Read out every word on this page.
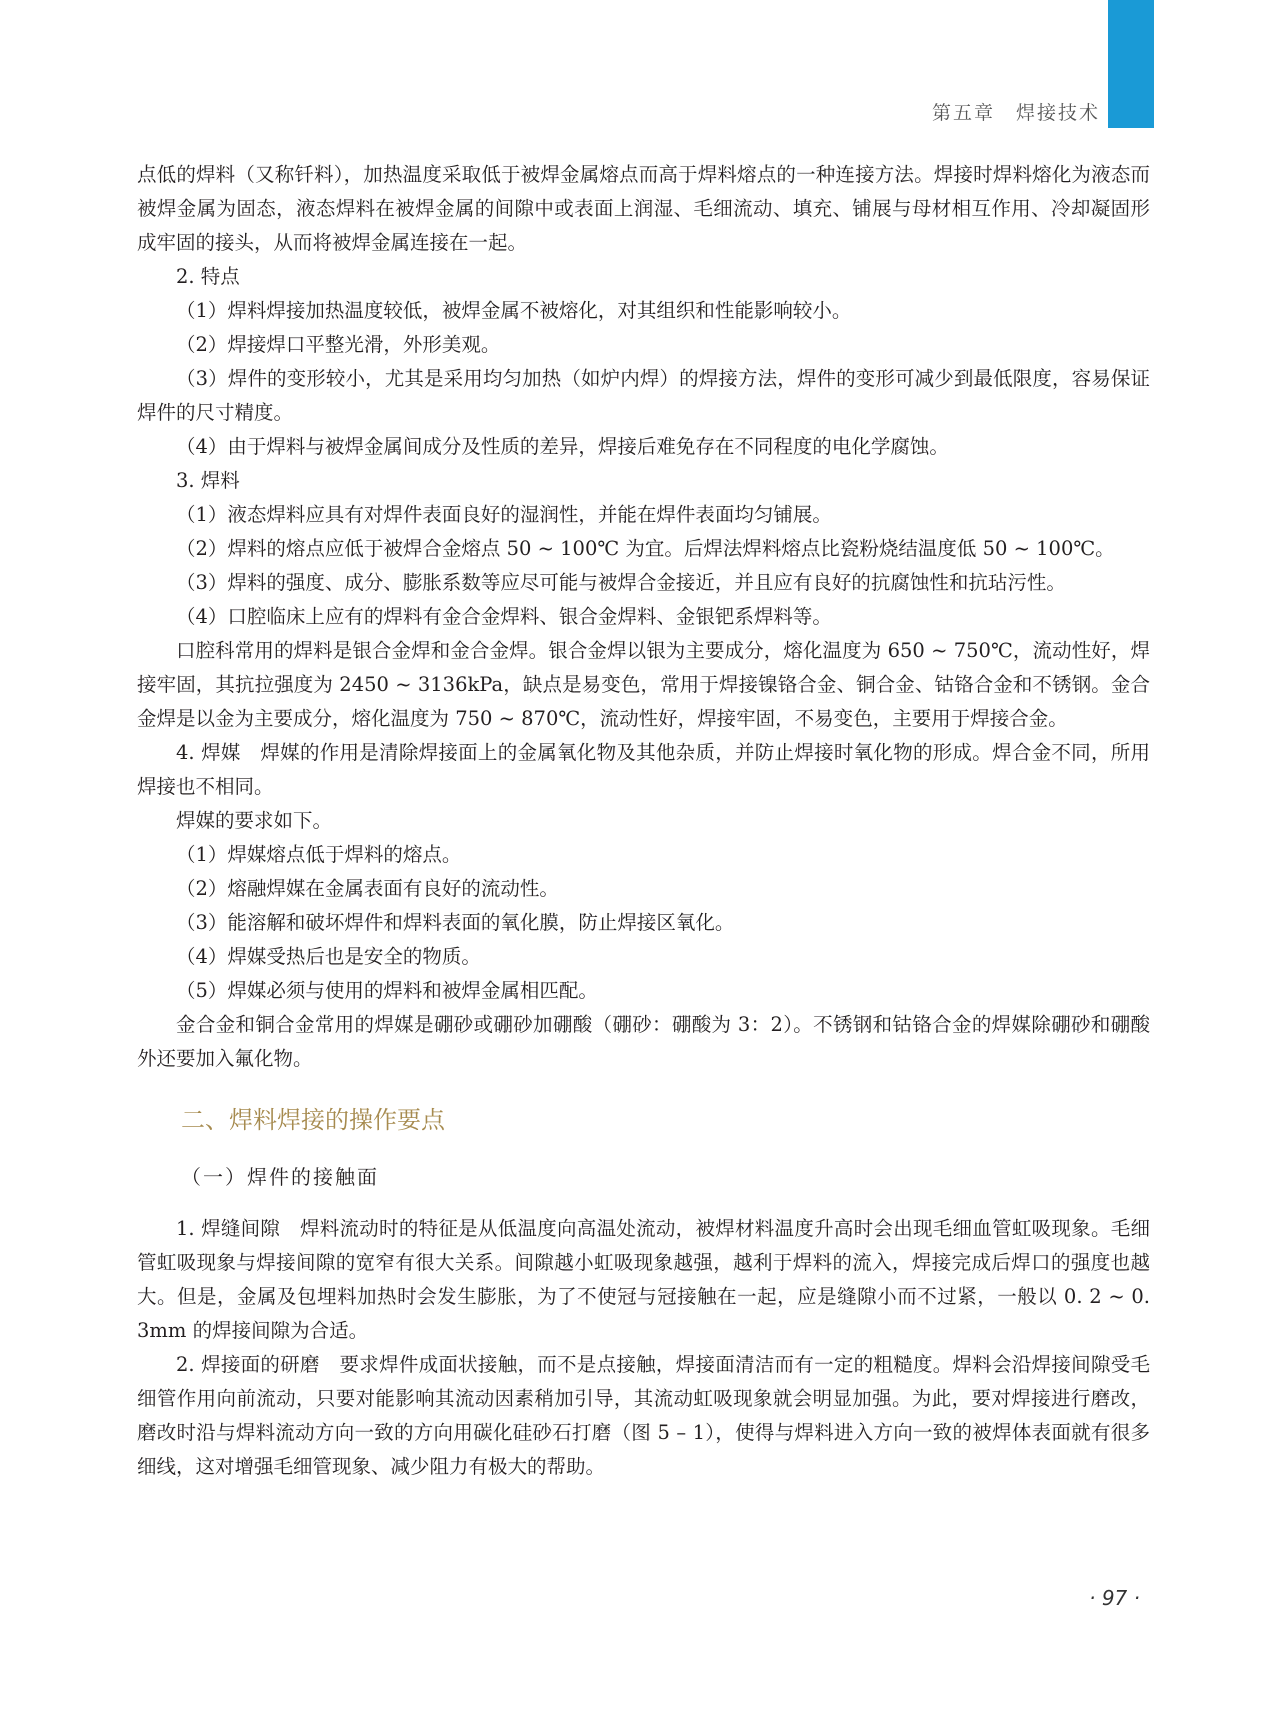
第五章　焊接技术

点低的焊料（又称钎料），加热温度采取低于被焊金属熔点而高于焊料熔点的一种连接方法。焊接时焊料熔化为液态而被焊金属为固态，液态焊料在被焊金属的间隙中或表面上润湿、毛细流动、填充、铺展与母材相互作用、冷却凝固形成牢固的接头，从而将被焊金属连接在一起。

2. 特点

（1）焊料焊接加热温度较低，被焊金属不被熔化，对其组织和性能影响较小。

（2）焊接焊口平整光滑，外形美观。

（3）焊件的变形较小，尤其是采用均匀加热（如炉内焊）的焊接方法，焊件的变形可减少到最低限度，容易保证焊件的尺寸精度。

（4）由于焊料与被焊金属间成分及性质的差异，焊接后难免存在不同程度的电化学腐蚀。

3. 焊料

（1）液态焊料应具有对焊件表面良好的湿润性，并能在焊件表面均匀铺展。

（2）焊料的熔点应低于被焊合金熔点 50 ~ 100℃ 为宜。后焊法焊料熔点比瓷粉烧结温度低 50 ~ 100℃。

（3）焊料的强度、成分、膨胀系数等应尽可能与被焊合金接近，并且应有良好的抗腐蚀性和抗玷污性。

（4）口腔临床上应有的焊料有金合金焊料、银合金焊料、金银钯系焊料等。

口腔科常用的焊料是银合金焊和金合金焊。银合金焊以银为主要成分，熔化温度为 650 ~ 750℃，流动性好，焊接牢固，其抗拉强度为 2450 ~ 3136kPa，缺点是易变色，常用于焊接镍铬合金、铜合金、钴铬合金和不锈钢。金合金焊是以金为主要成分，熔化温度为 750 ~ 870℃，流动性好，焊接牢固，不易变色，主要用于焊接合金。

4. 焊媒　焊媒的作用是清除焊接面上的金属氧化物及其他杂质，并防止焊接时氧化物的形成。焊合金不同，所用焊接也不相同。

焊媒的要求如下。

（1）焊媒熔点低于焊料的熔点。

（2）熔融焊媒在金属表面有良好的流动性。

（3）能溶解和破坏焊件和焊料表面的氧化膜，防止焊接区氧化。

（4）焊媒受热后也是安全的物质。

（5）焊媒必须与使用的焊料和被焊金属相匹配。

金合金和铜合金常用的焊媒是硼砂或硼砂加硼酸（硼砂：硼酸为 3：2）。不锈钢和钴铬合金的焊媒除硼砂和硼酸外还要加入氟化物。

二、焊料焊接的操作要点

（一）焊件的接触面

1. 焊缝间隙　焊料流动时的特征是从低温度向高温处流动，被焊材料温度升高时会出现毛细血管虹吸现象。毛细管虹吸现象与焊接间隙的宽窄有很大关系。间隙越小虹吸现象越强，越利于焊料的流入，焊接完成后焊口的强度也越大。但是，金属及包埋料加热时会发生膨胀，为了不使冠与冠接触在一起，应是缝隙小而不过紧，一般以 0. 2 ~ 0. 3mm 的焊接间隙为合适。

2. 焊接面的研磨　要求焊件成面状接触，而不是点接触，焊接面清洁而有一定的粗糙度。焊料会沿焊接间隙受毛细管作用向前流动，只要对能影响其流动因素稍加引导，其流动虹吸现象就会明显加强。为此，要对焊接进行磨改，磨改时沿与焊料流动方向一致的方向用碳化硅砂石打磨（图 5 – 1），使得与焊料进入方向一致的被焊体表面就有很多细线，这对增强毛细管现象、减少阻力有极大的帮助。

· 97 ·
